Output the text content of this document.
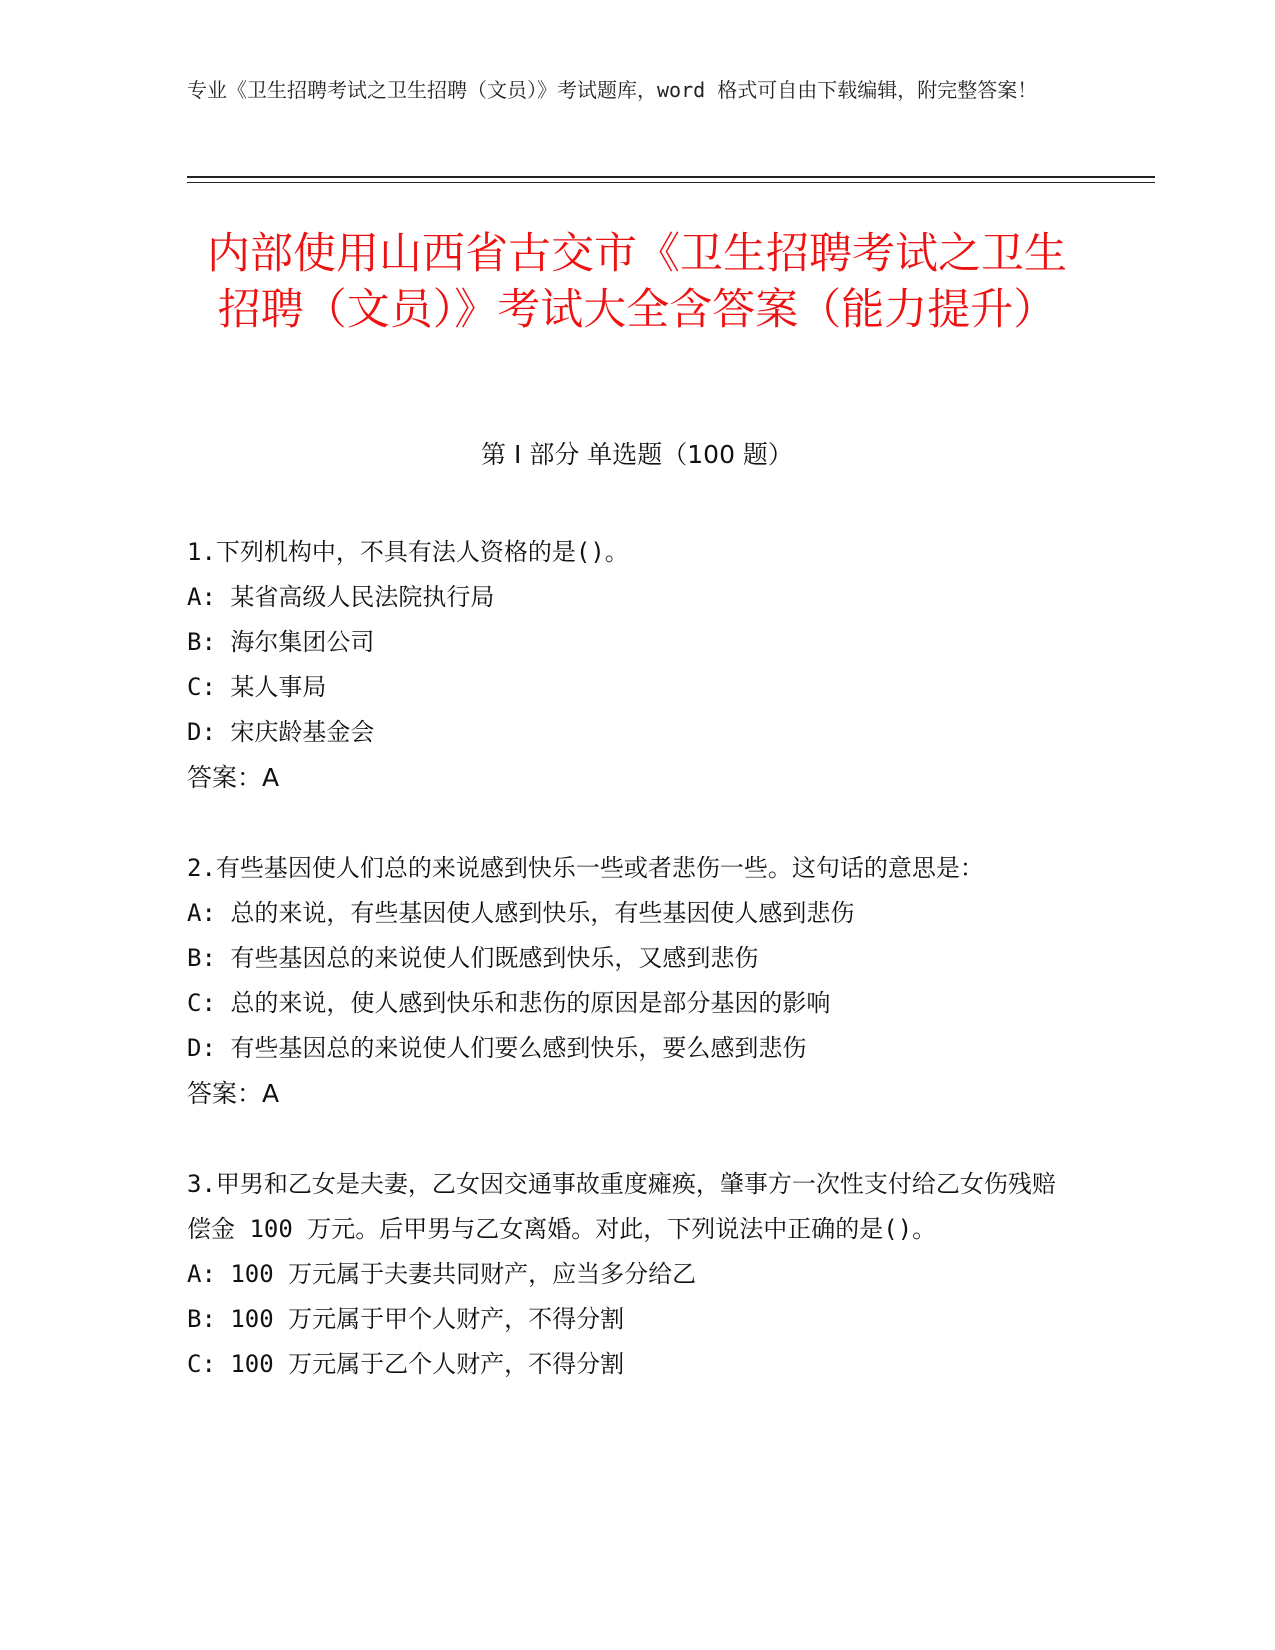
专业《卫生招聘考试之卫生招聘（文员）》考试题库，word 格式可自由下载编辑，附完整答案！
内部使用山西省古交市《卫生招聘考试之卫生招聘（文员）》考试大全含答案（能力提升）
第 I 部分 单选题（100 题）

1.下列机构中，不具有法人资格的是()。

A: 某省高级人民法院执行局

B: 海尔集团公司

C: 某人事局

D: 宋庆龄基金会

答案：A

2.有些基因使人们总的来说感到快乐一些或者悲伤一些。这句话的意思是：

A: 总的来说，有些基因使人感到快乐，有些基因使人感到悲伤

B: 有些基因总的来说使人们既感到快乐，又感到悲伤

C: 总的来说，使人感到快乐和悲伤的原因是部分基因的影响

D: 有些基因总的来说使人们要么感到快乐，要么感到悲伤

答案：A

3.甲男和乙女是夫妻，乙女因交通事故重度瘫痪，肇事方一次性支付给乙女伤残赔偿金 100 万元。后甲男与乙女离婚。对此，下列说法中正确的是()。

A: 100 万元属于夫妻共同财产，应当多分给乙

B: 100 万元属于甲个人财产，不得分割

C: 100 万元属于乙个人财产，不得分割
